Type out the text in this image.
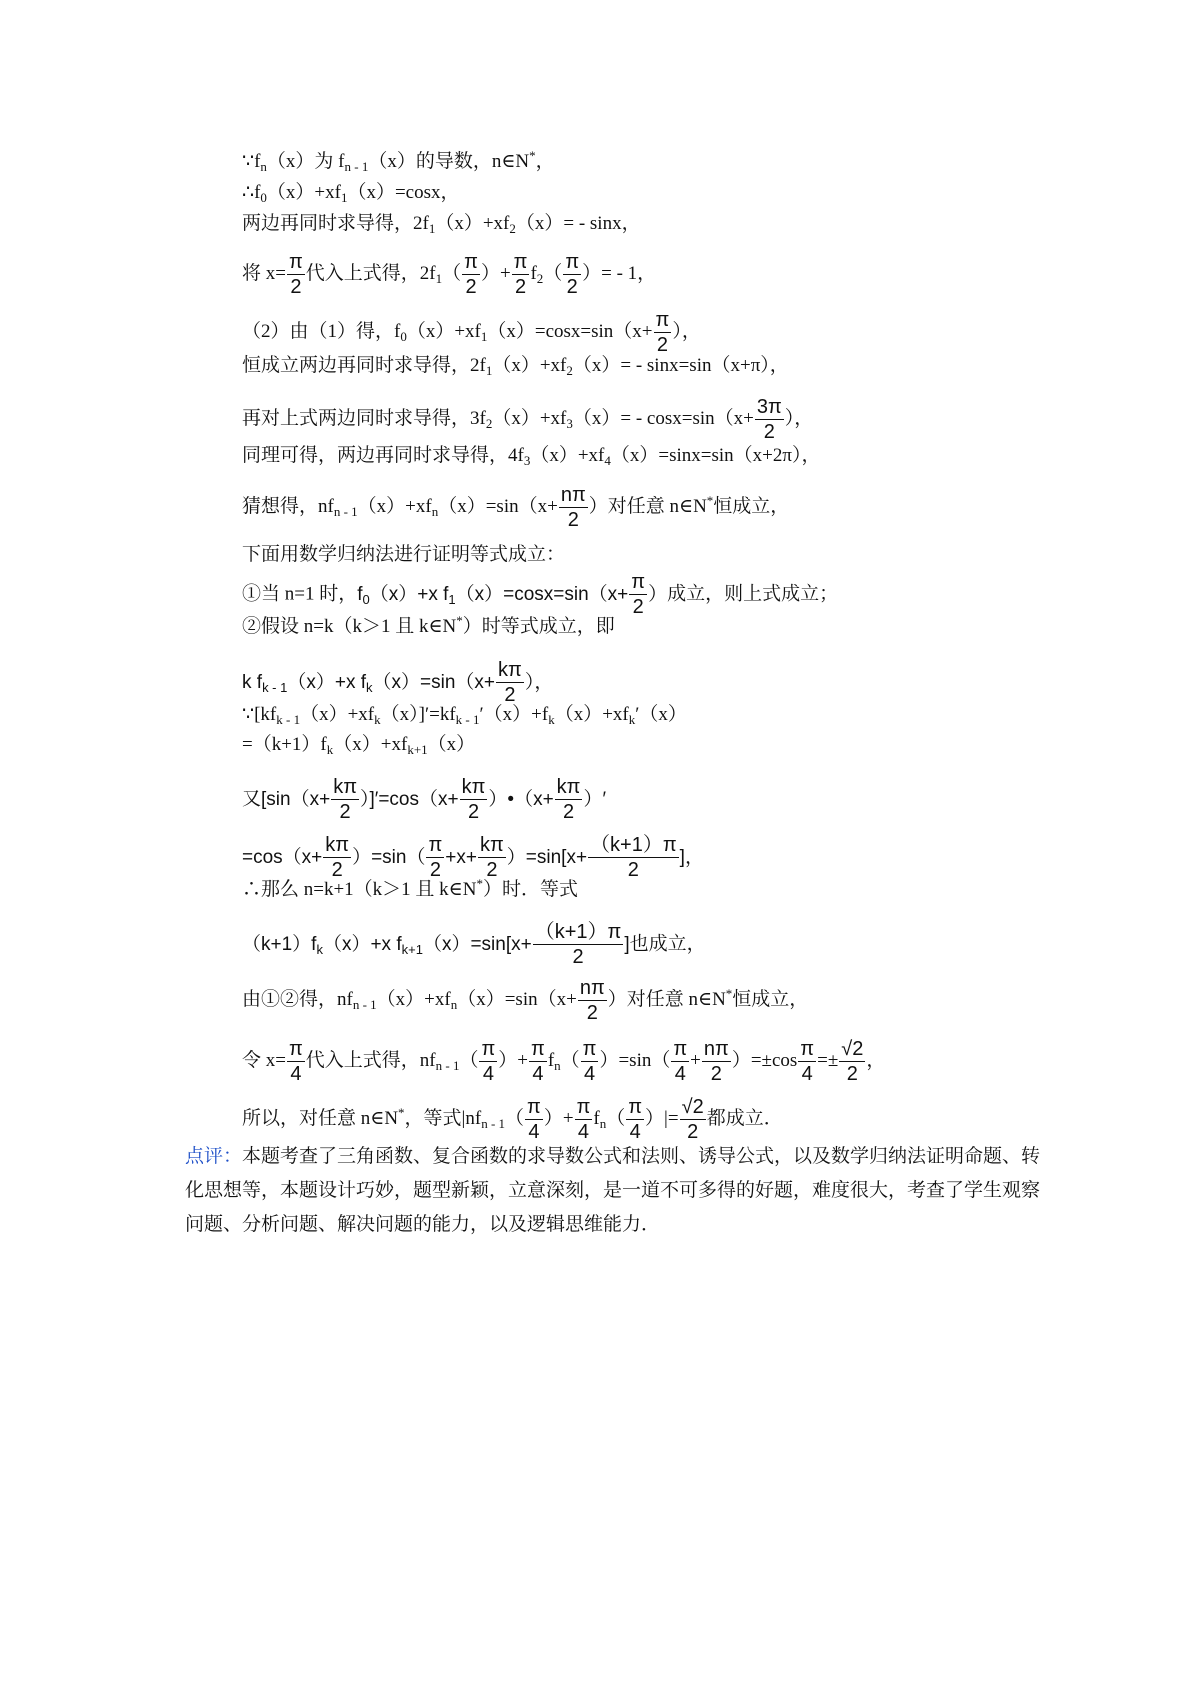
$\because f_n(x)$为 $f_{n - 1}(x)$的导数，n∈N*，
$\therefore f_0(x)+xf_1(x)=\cos x$，
两边再同时求导得，$2f_1(x)+xf_2(x)= - \sin x$，
将 $x= \frac{\pi}{2}$ 代入上式得，$2f_1( \frac{\pi}{2}$ ）+ $\frac{\pi}{2} f_2( \frac{\pi}{2}$ ）= - 1，
（2）由（1）得，$f_0(x)+xf_1(x)=\cos x=\sin(x+ \frac{\pi}{2}$ ），
恒成立两边再同时求导得，$2f_1(x)+xf_2(x)= - \sin x=\sin(x+\pi)$，
再对上式两边同时求导得，$3f_2(x)+xf_3(x)= - \cos x=\sin(x+ \frac{3\pi}{2}$ ），
同理可得，两边再同时求导得，$4f_3(x)+xf_4(x)=\sin x=\sin(x+2\pi)$，
猜想得，$nf_{n - 1}(x)+xf_n(x)=\sin(x+ \frac{n\pi}{2}$ ）对任意 n∈N*恒成立，
下面用数学归纳法进行证明等式成立：
①当 n=1 时，$f_0(x)+x$ $f_1(x)=\cos x=\sin(x+ \frac{\pi}{2}$ ）成立，则上式成立；
②假设 n=k（k＞1 且 k∈N*）时等式成立，即
k $f_{k - 1}(x)+x$ $f_k(x)=\sin(x+ \frac{k\pi}{2}$ ），
$\because[kf_{k - 1}(x)+xf_k(x)]'=kf_{k - 1}'(x)+f_k(x)+xf_k'(x)$
$=(k+1)f_k(x)+xf_{k+1}(x)$
又$[\sin(x+ \frac{k\pi}{2} )]'=\cos(x+ \frac{k\pi}{2}$ ）•（x+ $\frac{k\pi}{2}$ ）′
$=\cos(x+ \frac{k\pi}{2} )=\sin( \frac{\pi}{2} +x+ \frac{k\pi}{2} )=\sin[x+ \frac{(k+1)\pi}{2}$ ]，
∴那么 n=k+1（k＞1 且 k∈N*）时．等式
$(k+1)f_k(x)+x$ $f_{k+1}(x)=\sin[x+ \frac{(k+1)\pi}{2}$ ]也成立，
由①②得，$nf_{n - 1}(x)+xf_n(x)=\sin(x+ \frac{n\pi}{2}$ ）对任意 n∈N*恒成立，
令 $x= \frac{\pi}{4}$ 代入上式得，$nf_{n - 1}( \frac{\pi}{4}$ ）+ $\frac{\pi}{4} f_n( \frac{\pi}{4} )=\sin( \frac{\pi}{4} + \frac{n\pi}{2} )=\pm\cos \frac{\pi}{4} =\pm \frac{√2}{2}$ ，
所以，对任意 n∈N*，等式$|nf_{n - 1}( \frac{\pi}{4}$ ）+ $\frac{\pi}{4} f_n( \frac{\pi}{4}$ ）|= $\frac{√2}{2}$ 都成立．
点评：本题考查了三角函数、复合函数的求导数公式和法则、诱导公式，以及数学归纳法证明命题、转化思想等，本题设计巧妙，题型新颖，立意深刻，是一道不可多得的好题，难度很大，考查了学生观察问题、分析问题、解决问题的能力，以及逻辑思维能力．
